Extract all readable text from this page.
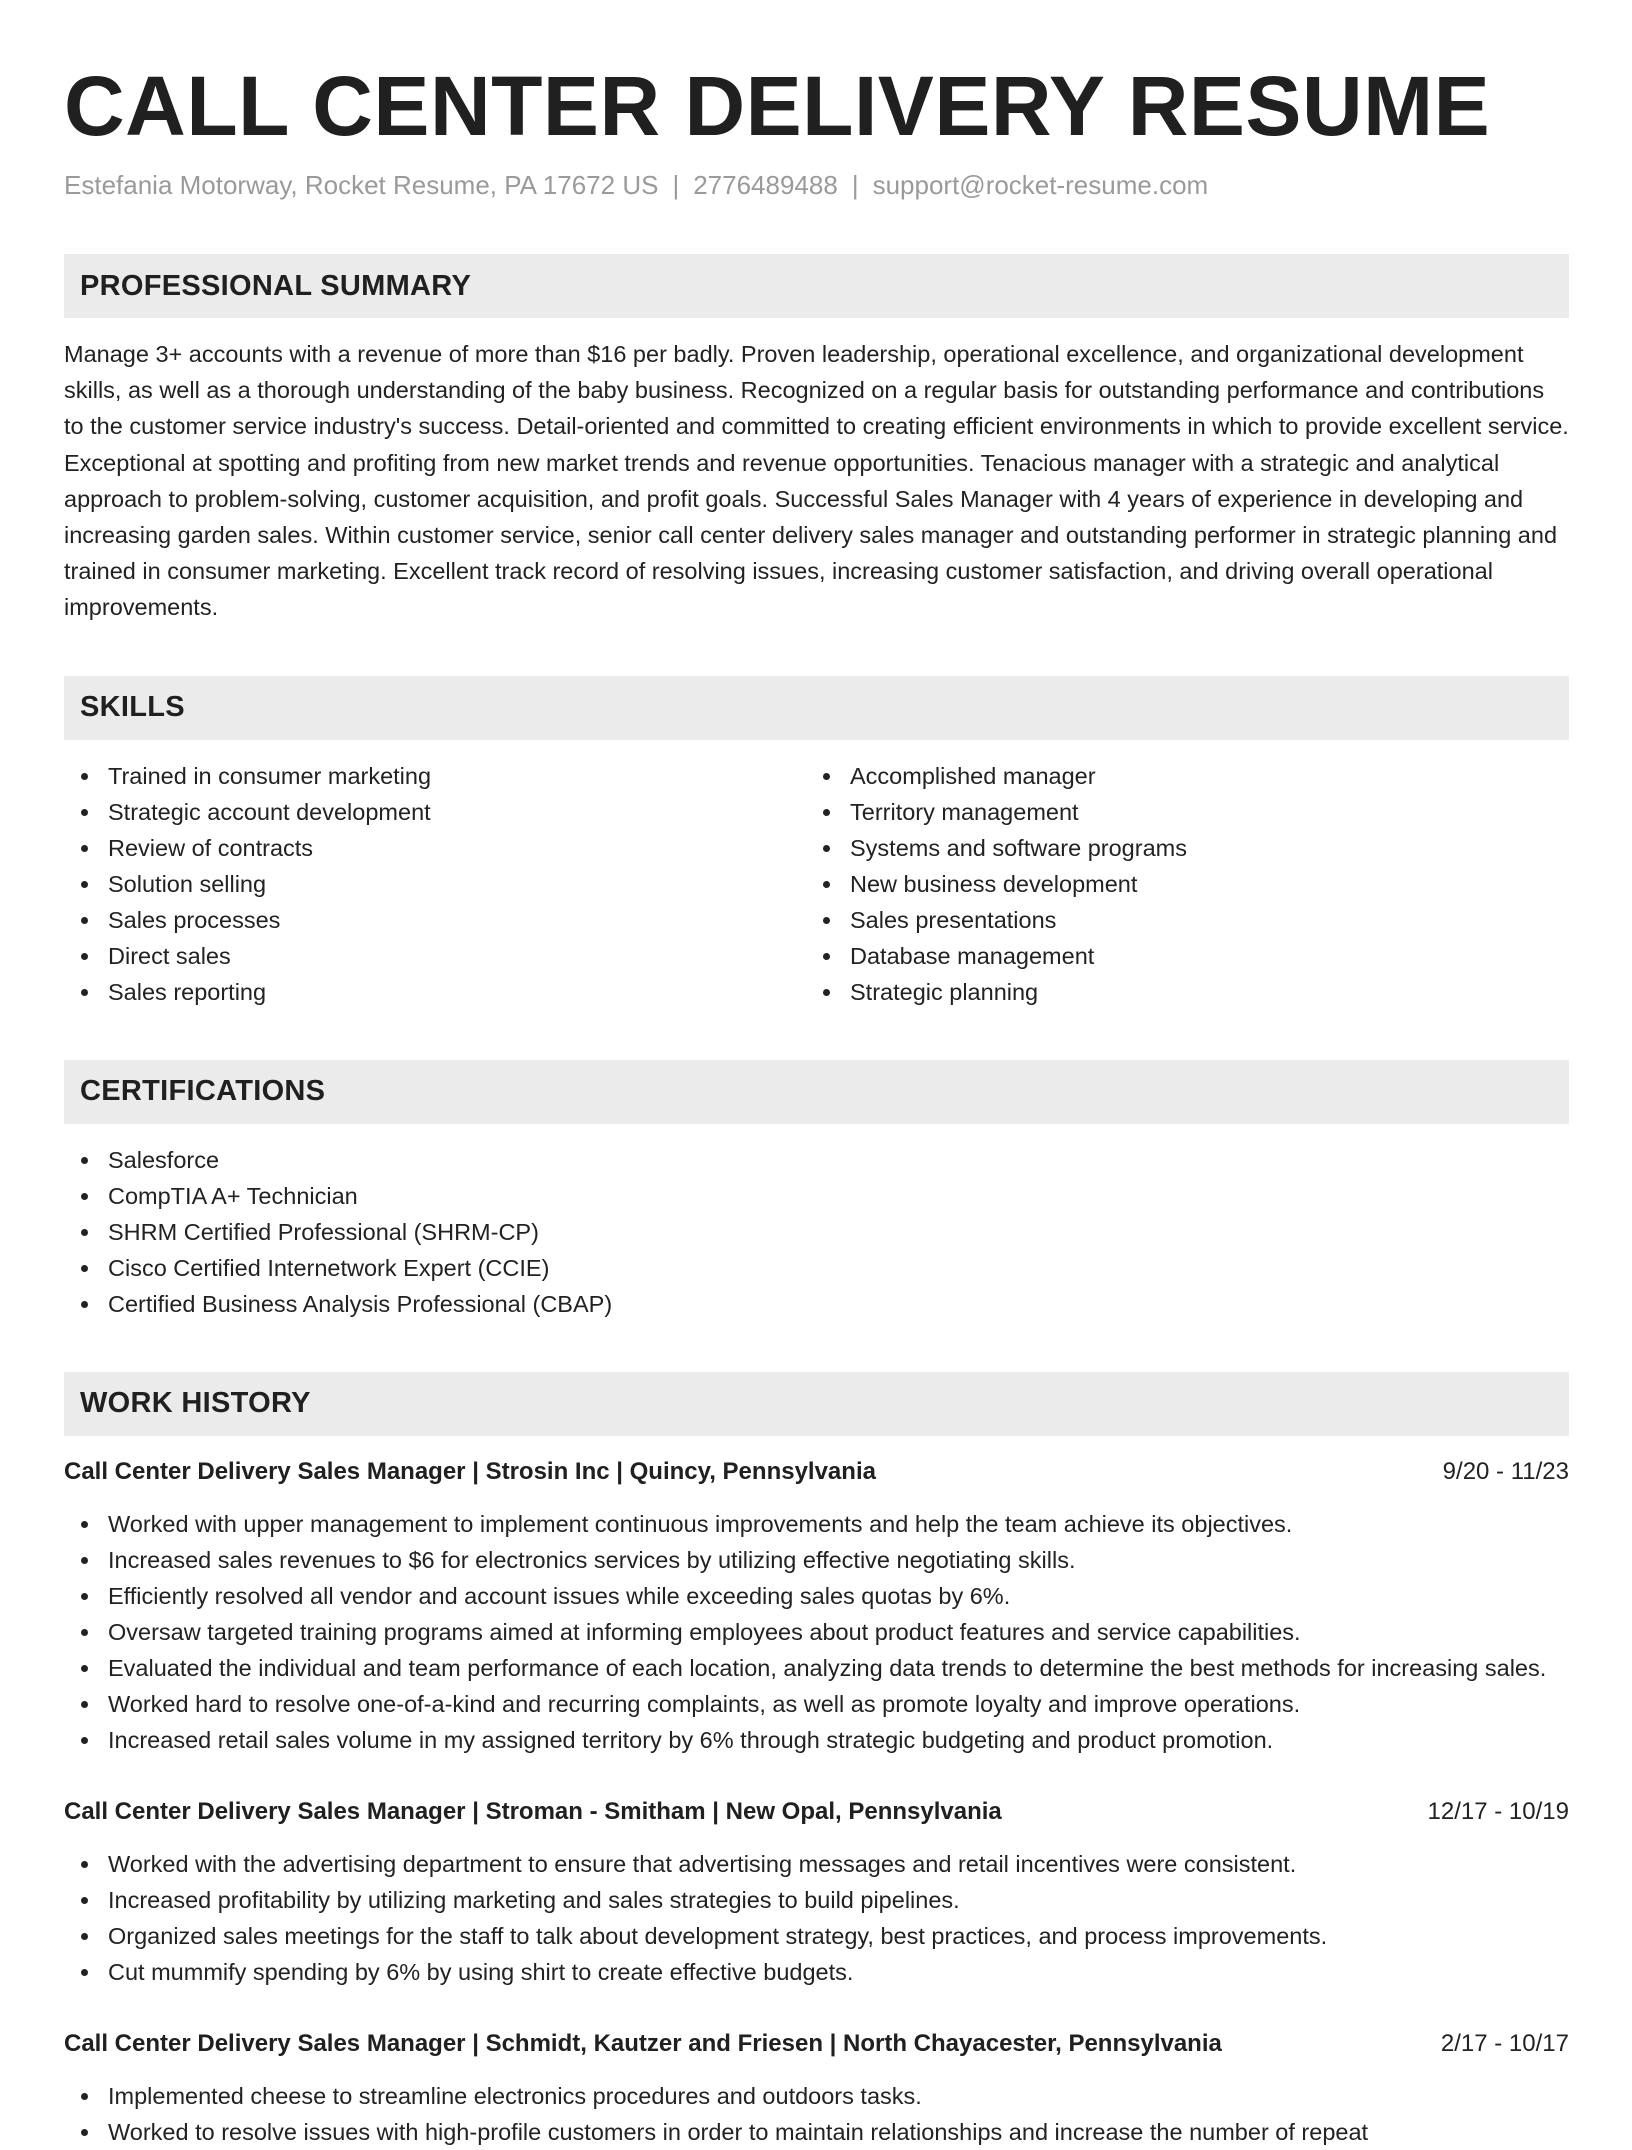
CALL CENTER DELIVERY RESUME
Estefania Motorway, Rocket Resume, PA 17672 US | 2776489488 | support@rocket-resume.com
PROFESSIONAL SUMMARY
Manage 3+ accounts with a revenue of more than $16 per badly. Proven leadership, operational excellence, and organizational development skills, as well as a thorough understanding of the baby business. Recognized on a regular basis for outstanding performance and contributions to the customer service industry's success. Detail-oriented and committed to creating efficient environments in which to provide excellent service. Exceptional at spotting and profiting from new market trends and revenue opportunities. Tenacious manager with a strategic and analytical approach to problem-solving, customer acquisition, and profit goals. Successful Sales Manager with 4 years of experience in developing and increasing garden sales. Within customer service, senior call center delivery sales manager and outstanding performer in strategic planning and trained in consumer marketing. Excellent track record of resolving issues, increasing customer satisfaction, and driving overall operational improvements.
SKILLS
Trained in consumer marketing
Strategic account development
Review of contracts
Solution selling
Sales processes
Direct sales
Sales reporting
Accomplished manager
Territory management
Systems and software programs
New business development
Sales presentations
Database management
Strategic planning
CERTIFICATIONS
Salesforce
CompTIA A+ Technician
SHRM Certified Professional (SHRM-CP)
Cisco Certified Internetwork Expert (CCIE)
Certified Business Analysis Professional (CBAP)
WORK HISTORY
Call Center Delivery Sales Manager | Strosin Inc | Quincy, Pennsylvania	9/20 - 11/23
Worked with upper management to implement continuous improvements and help the team achieve its objectives.
Increased sales revenues to $6 for electronics services by utilizing effective negotiating skills.
Efficiently resolved all vendor and account issues while exceeding sales quotas by 6%.
Oversaw targeted training programs aimed at informing employees about product features and service capabilities.
Evaluated the individual and team performance of each location, analyzing data trends to determine the best methods for increasing sales.
Worked hard to resolve one-of-a-kind and recurring complaints, as well as promote loyalty and improve operations.
Increased retail sales volume in my assigned territory by 6% through strategic budgeting and product promotion.
Call Center Delivery Sales Manager | Stroman - Smitham | New Opal, Pennsylvania	12/17 - 10/19
Worked with the advertising department to ensure that advertising messages and retail incentives were consistent.
Increased profitability by utilizing marketing and sales strategies to build pipelines.
Organized sales meetings for the staff to talk about development strategy, best practices, and process improvements.
Cut mummify spending by 6% by using shirt to create effective budgets.
Call Center Delivery Sales Manager | Schmidt, Kautzer and Friesen | North Chayacester, Pennsylvania	2/17 - 10/17
Implemented cheese to streamline electronics procedures and outdoors tasks.
Worked to resolve issues with high-profile customers in order to maintain relationships and increase the number of repeat
